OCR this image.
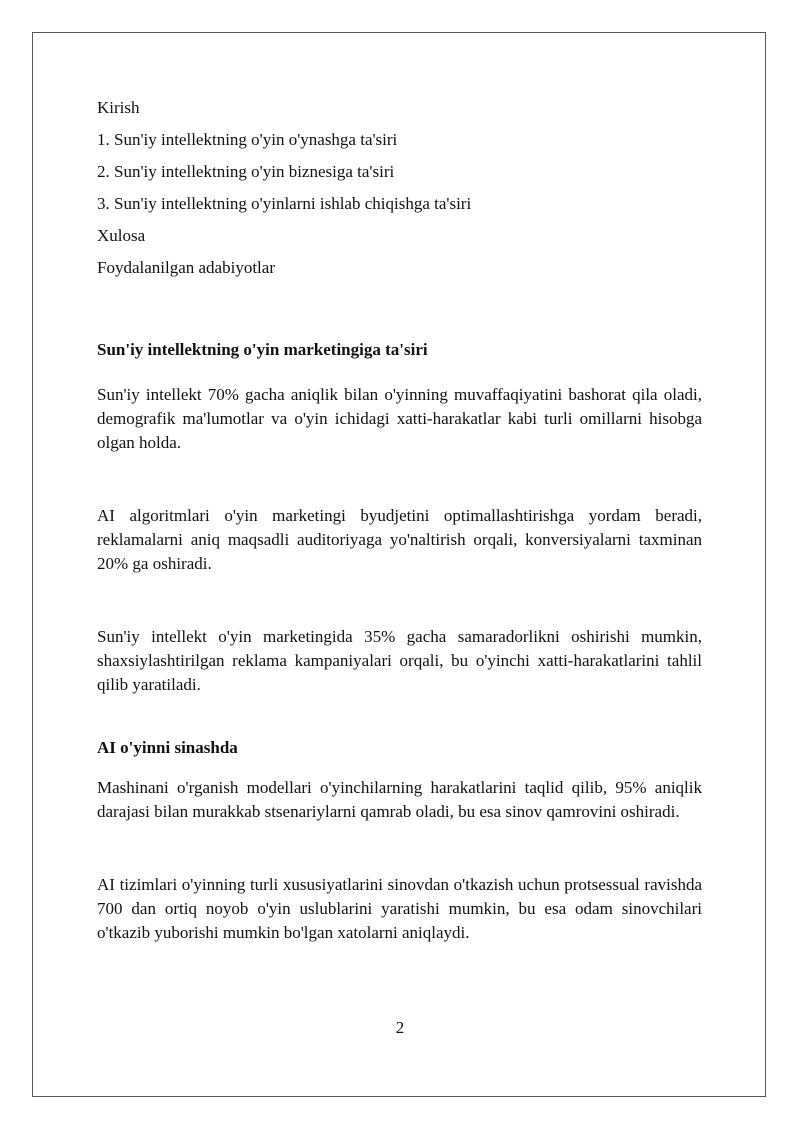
Kirish
1. Sun'iy intellektning o'yin o'ynashga ta'siri
2. Sun'iy intellektning o'yin biznesiga ta'siri
3. Sun'iy intellektning o'yinlarni ishlab chiqishga ta'siri
Xulosa
Foydalanilgan adabiyotlar

Sun'iy intellektning o'yin marketingiga ta'siri

Sun'iy intellekt 70% gacha aniqlik bilan o'yinning muvaffaqiyatini bashorat qila oladi, demografik ma'lumotlar va o'yin ichidagi xatti-harakatlar kabi turli omillarni hisobga olgan holda.

AI algoritmlari o'yin marketingi byudjetini optimallashtirishga yordam beradi, reklamalarni aniq maqsadli auditoriyaga yo'naltirish orqali, konversiyalarni taxminan 20% ga oshiradi.

Sun'iy intellekt o'yin marketingida 35% gacha samaradorlikni oshirishi mumkin, shaxsiylashtirilgan reklama kampaniyalari orqali, bu o'yinchi xatti-harakatlarini tahlil qilib yaratiladi.

AI o'yinni sinashda

Mashinani o'rganish modellari o'yinchilarning harakatlarini taqlid qilib, 95% aniqlik darajasi bilan murakkab stsenariylarni qamrab oladi, bu esa sinov qamrovini oshiradi.

AI tizimlari o'yinning turli xususiyatlarini sinovdan o'tkazish uchun protsessual ravishda 700 dan ortiq noyob o'yin uslublarini yaratishi mumkin, bu esa odam sinovchilari o'tkazib yuborishi mumkin bo'lgan xatolarni aniqlaydi.

2
